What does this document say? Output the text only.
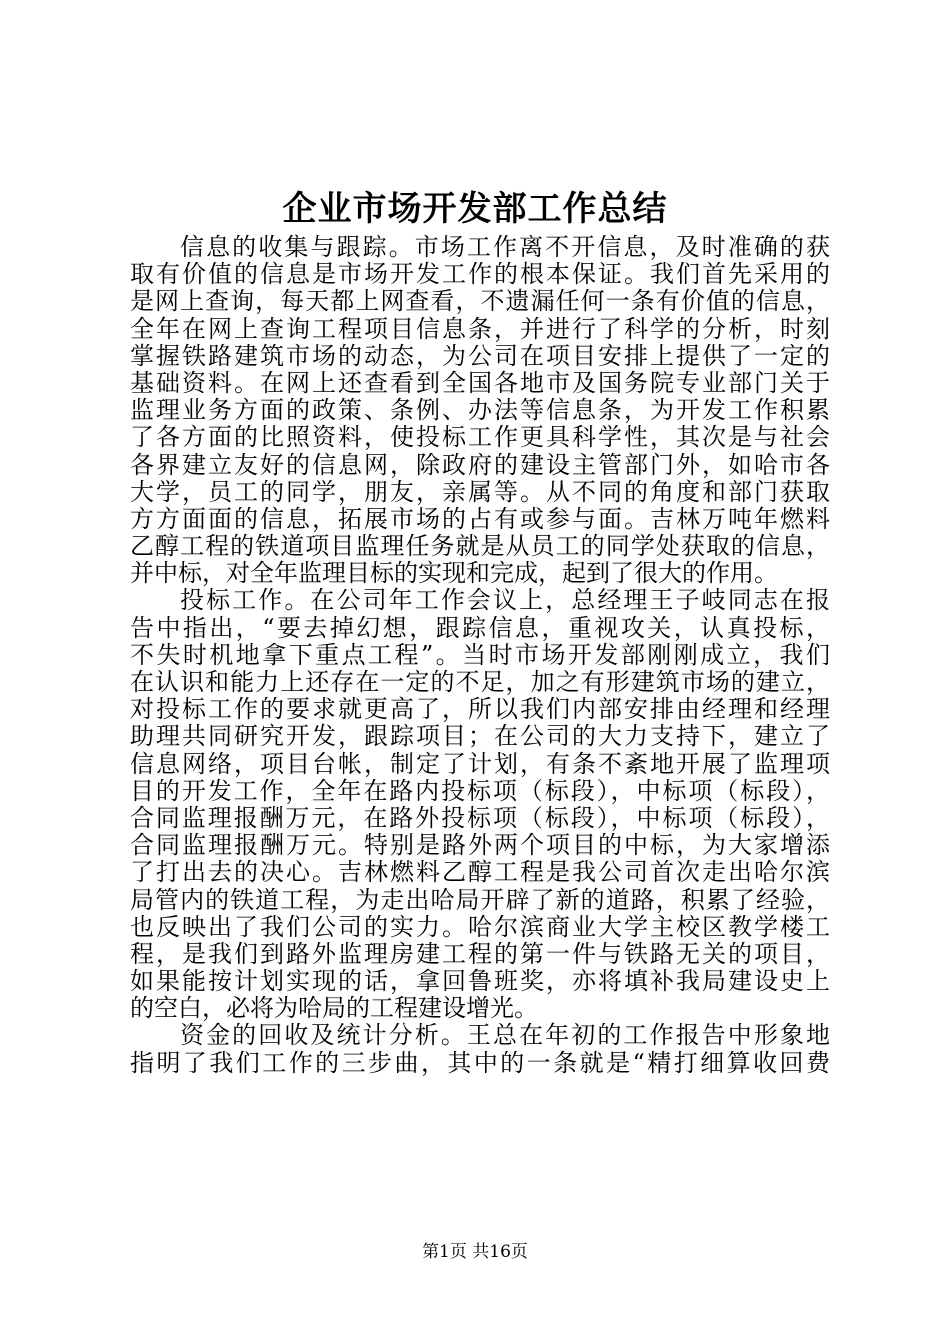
企业市场开发部工作总结
信息的收集与跟踪。市场工作离不开信息，及时准确的获
取有价值的信息是市场开发工作的根本保证。我们首先采用的
是网上查询，每天都上网查看，不遗漏任何一条有价值的信息，
全年在网上查询工程项目信息条，并进行了科学的分析，时刻
掌握铁路建筑市场的动态，为公司在项目安排上提供了一定的
基础资料。在网上还查看到全国各地市及国务院专业部门关于
监理业务方面的政策、条例、办法等信息条，为开发工作积累
了各方面的比照资料，使投标工作更具科学性，其次是与社会
各界建立友好的信息网，除政府的建设主管部门外，如哈市各
大学，员工的同学，朋友，亲属等。从不同的角度和部门获取
方方面面的信息，拓展市场的占有或参与面。吉林万吨年燃料
乙醇工程的铁道项目监理任务就是从员工的同学处获取的信息，
并中标，对全年监理目标的实现和完成，起到了很大的作用。
投标工作。在公司年工作会议上，总经理王子岐同志在报
告中指出，“要去掉幻想，跟踪信息，重视攻关，认真投标，
不失时机地拿下重点工程”。当时市场开发部刚刚成立，我们
在认识和能力上还存在一定的不足，加之有形建筑市场的建立，
对投标工作的要求就更高了，所以我们内部安排由经理和经理
助理共同研究开发，跟踪项目；在公司的大力支持下，建立了
信息网络，项目台帐，制定了计划，有条不紊地开展了监理项
目的开发工作，全年在路内投标项（标段），中标项（标段），
合同监理报酬万元，在路外投标项（标段），中标项（标段），
合同监理报酬万元。特别是路外两个项目的中标，为大家增添
了打出去的决心。吉林燃料乙醇工程是我公司首次走出哈尔滨
局管内的铁道工程，为走出哈局开辟了新的道路，积累了经验，
也反映出了我们公司的实力。哈尔滨商业大学主校区教学楼工
程，是我们到路外监理房建工程的第一件与铁路无关的项目，
如果能按计划实现的话，拿回鲁班奖，亦将填补我局建设史上
的空白，必将为哈局的工程建设增光。
资金的回收及统计分析。王总在年初的工作报告中形象地
指明了我们工作的三步曲，其中的一条就是“精打细算收回费
第1页 共16页
